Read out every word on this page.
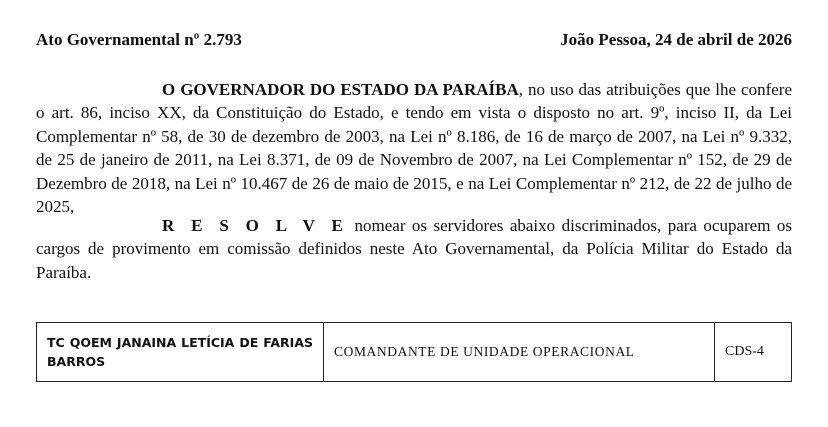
Ato Governamental nº 2.793	João Pessoa, 24 de abril de 2026
O GOVERNADOR DO ESTADO DA PARAÍBA, no uso das atribuições que lhe confere o art. 86, inciso XX, da Constituição do Estado, e tendo em vista o disposto no art. 9º, inciso II, da Lei Complementar nº 58, de 30 de dezembro de 2003, na Lei nº 8.186, de 16 de março de 2007, na Lei nº 9.332, de 25 de janeiro de 2011, na Lei 8.371, de 09 de Novembro de 2007, na Lei Complementar nº 152, de 29 de Dezembro de 2018, na Lei nº 10.467 de 26 de maio de 2015, e na Lei Complementar nº 212, de 22 de julho de 2025,
R E S O L V E nomear os servidores abaixo discriminados, para ocuparem os cargos de provimento em comissão definidos neste Ato Governamental, da Polícia Militar do Estado da Paraíba.
TC QOEM JANAINA LETÍCIA DE FARIAS BARROS	COMANDANTE DE UNIDADE OPERACIONAL	CDS-4
